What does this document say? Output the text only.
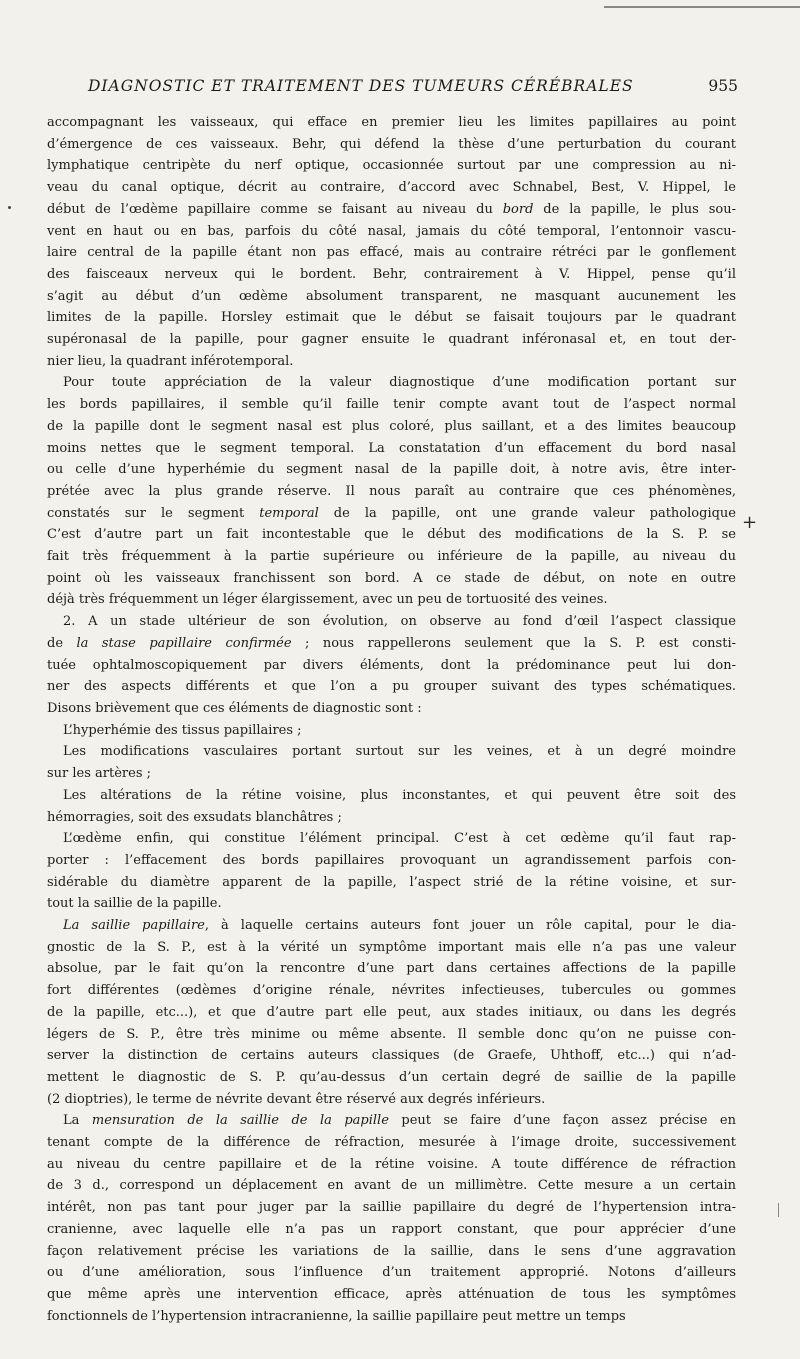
DIAGNOSTIC ET TRAITEMENT DES TUMEURS CÉRÉBRALES	955
+

accompagnant les vaisseaux, qui efface en premier lieu les limites papillaires au point

d’émergence de ces vaisseaux. Behr, qui défend la thèse d’une perturbation du courant

lymphatique centripète du nerf optique, occasionnée surtout par une compression au ni-

veau du canal optique, décrit au contraire, d’accord avec Schnabel, Best, V. Hippel, le

début de l’œdème papillaire comme se faisant au niveau du bord de la papille, le plus sou-

vent en haut ou en bas, parfois du côté nasal, jamais du côté temporal, l’entonnoir vascu-

laire central de la papille étant non pas effacé, mais au contraire rétréci par le gonflement

des faisceaux nerveux qui le bordent. Behr, contrairement à V. Hippel, pense qu’il

s’agit au début d’un œdème absolument transparent, ne masquant aucunement les

limites de la papille. Horsley estimait que le début se faisait toujours par le quadrant

supéronasal de la papille, pour gagner ensuite le quadrant inféronasal et, en tout der-

nier lieu, la quadrant inférotemporal.

Pour toute appréciation de la valeur diagnostique d’une modification portant sur

les bords papillaires, il semble qu’il faille tenir compte avant tout de l’aspect normal

de la papille dont le segment nasal est plus coloré, plus saillant, et a des limites beaucoup

moins nettes que le segment temporal. La constatation d’un effacement du bord nasal

ou celle d’une hyperhémie du segment nasal de la papille doit, à notre avis, être inter-

prétée avec la plus grande réserve. Il nous paraît au contraire que ces phénomènes,

constatés sur le segment temporal de la papille, ont une grande valeur pathologique

C’est d’autre part un fait incontestable que le début des modifications de la S. P. se

fait très fréquemment à la partie supérieure ou inférieure de la papille, au niveau du

point où les vaisseaux franchissent son bord. A ce stade de début, on note en outre

déjà très fréquemment un léger élargissement, avec un peu de tortuosité des veines.

2. A un stade ultérieur de son évolution, on observe au fond d’œil l’aspect classique

de la stase papillaire confirmée ; nous rappellerons seulement que la S. P. est consti-

tuée ophtalmoscopiquement par divers éléments, dont la prédominance peut lui don-

ner des aspects différents et que l’on a pu grouper suivant des types schématiques.

Disons brièvement que ces éléments de diagnostic sont :

L’hyperhémie des tissus papillaires ;

Les modifications vasculaires portant surtout sur les veines, et à un degré moindre

sur les artères ;

Les altérations de la rétine voisine, plus inconstantes, et qui peuvent être soit des

hémorragies, soit des exsudats blanchâtres ;

L’œdème enfin, qui constitue l’élément principal. C’est à cet œdème qu’il faut rap-

porter : l’effacement des bords papillaires provoquant un agrandissement parfois con-

sidérable du diamètre apparent de la papille, l’aspect strié de la rétine voisine, et sur-

tout la saillie de la papille.

La saillie papillaire, à laquelle certains auteurs font jouer un rôle capital, pour le dia-

gnostic de la S. P., est à la vérité un symptôme important mais elle n’a pas une valeur

absolue, par le fait qu’on la rencontre d’une part dans certaines affections de la papille

fort différentes (œdèmes d’origine rénale, névrites infectieuses, tubercules ou gommes

de la papille, etc...), et que d’autre part elle peut, aux stades initiaux, ou dans les degrés

légers de S. P., être très minime ou même absente. Il semble donc qu’on ne puisse con-

server la distinction de certains auteurs classiques (de Graefe, Uhthoff, etc...) qui n’ad-

mettent le diagnostic de S. P. qu’au-dessus d’un certain degré de saillie de la papille

(2 dioptries), le terme de névrite devant être réservé aux degrés inférieurs.

La mensuration de la saillie de la papille peut se faire d’une façon assez précise en

tenant compte de la différence de réfraction, mesurée à l’image droite, successivement

au niveau du centre papillaire et de la rétine voisine. A toute différence de réfraction

de 3 d., correspond un déplacement en avant de un millimètre. Cette mesure a un certain

intérêt, non pas tant pour juger par la saillie papillaire du degré de l’hypertension intra-

cranienne, avec laquelle elle n’a pas un rapport constant, que pour apprécier d’une

façon relativement précise les variations de la saillie, dans le sens d’une aggravation

ou d’une amélioration, sous l’influence d’un traitement approprié. Notons d’ailleurs

que même après une intervention efficace, après atténuation de tous les symptômes

fonctionnels de l’hypertension intracranienne, la saillie papillaire peut mettre un temps
